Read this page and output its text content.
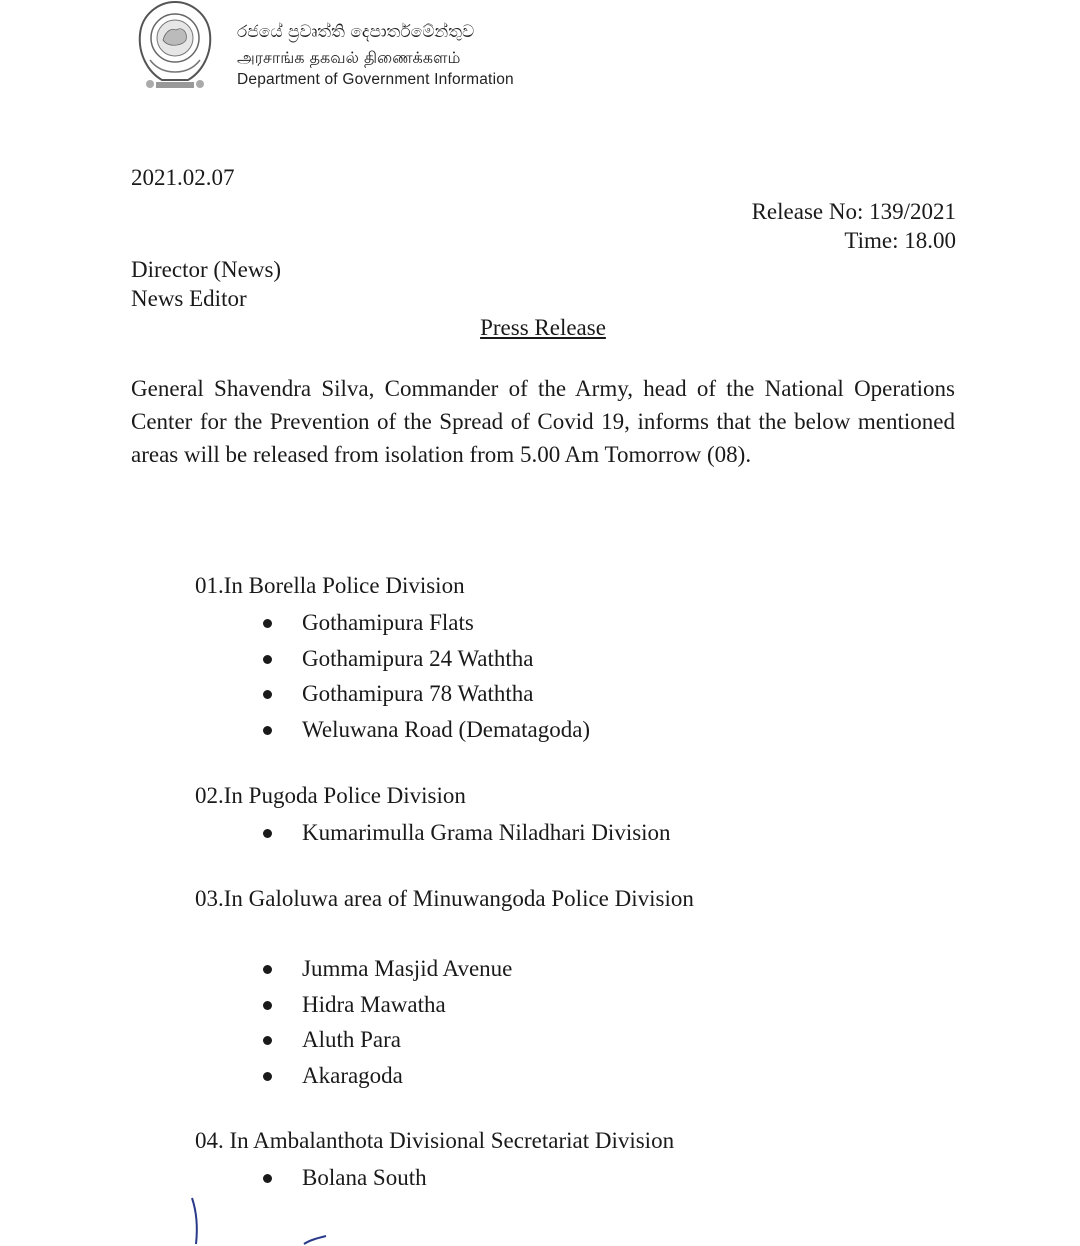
රජයේ ප්‍රවෘත්ති දෙපාර්තමේන්තුව
அரசாங்க தகவல் திணைக்களம்
Department of Government Information
2021.02.07
Release No: 139/2021
Time: 18.00
Director (News)
News Editor
Press Release
General Shavendra Silva, Commander of the Army, head of the National Operations Center for the Prevention of the Spread of Covid 19, informs that the below mentioned areas will be released from isolation from 5.00 Am Tomorrow (08).
01.In Borella Police Division
Gothamipura Flats
Gothamipura 24 Waththa
Gothamipura 78 Waththa
Weluwana Road (Dematagoda)
02.In Pugoda Police Division
Kumarimulla Grama Niladhari Division
03.In Galoluwa area of Minuwangoda Police Division
Jumma Masjid Avenue
Hidra Mawatha
Aluth Para
Akaragoda
04. In Ambalanthota Divisional Secretariat Division
Bolana South
